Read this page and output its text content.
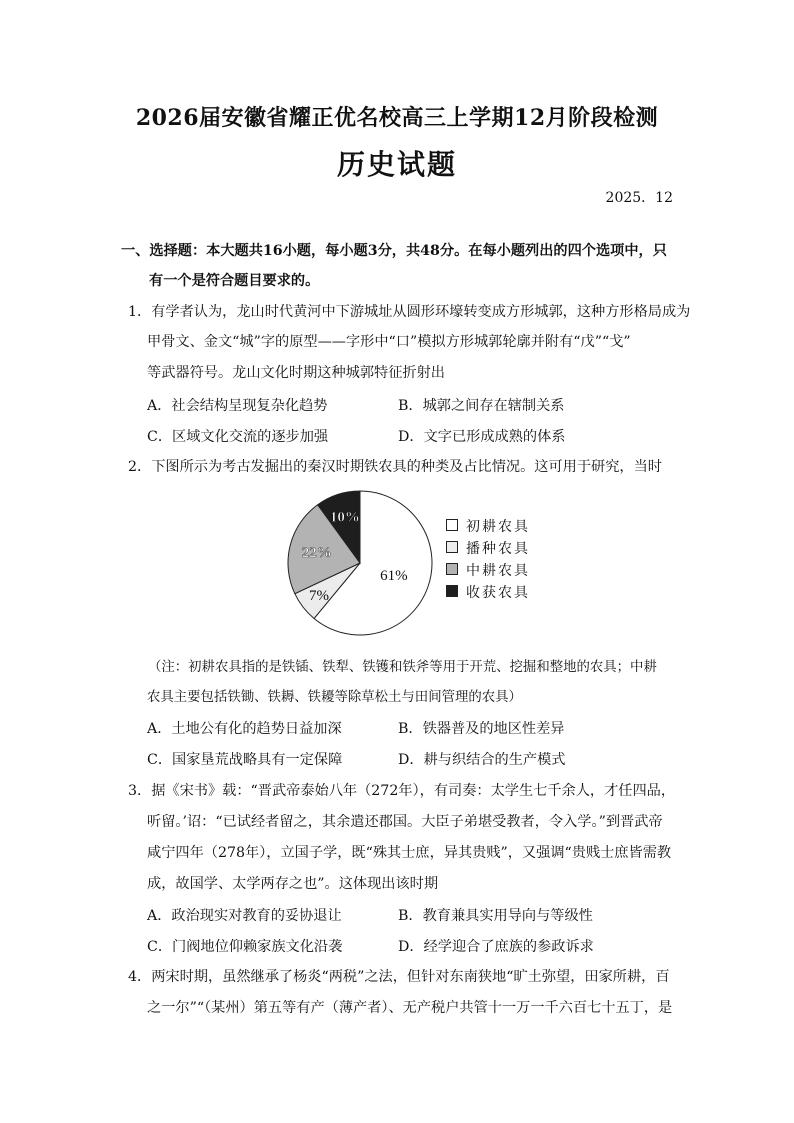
2026届安徽省耀正优名校高三上学期12月阶段检测
历史试题
2025．12
一、选择题：本大题共16小题，每小题3分，共48分。在每小题列出的四个选项中，只
有一个是符合题目要求的。
1．有学者认为，龙山时代黄河中下游城址从圆形环壕转变成方形城郭，这种方形格局成为
甲骨文、金文“城”字的原型——字形中“口”模拟方形城郭轮廓并附有“戊”“戈”
等武器符号。龙山文化时期这种城郭特征折射出
A．社会结构呈现复杂化趋势	B．城郭之间存在辖制关系
C．区域文化交流的逐步加强	D．文字已形成成熟的体系
2．下图所示为考古发掘出的秦汉时期铁农具的种类及占比情况。这可用于研究，当时
61%
7%
22%
10%
初耕农具
播种农具
中耕农具
收获农具
（注：初耕农具指的是铁锸、铁犁、铁镬和铁斧等用于开荒、挖掘和整地的农具；中耕
农具主要包括铁锄、铁耨、铁耰等除草松土与田间管理的农具）
A．土地公有化的趋势日益加深	B．铁器普及的地区性差异
C．国家垦荒战略具有一定保障	D．耕与织结合的生产模式
3．据《宋书》载：“晋武帝泰始八年（272年），有司奏：太学生七千余人，才任四品，
听留。’诏：“已试经者留之，其余遣还郡国。大臣子弟堪受教者，令入学。”到晋武帝
咸宁四年（278年），立国子学，既“殊其士庶，异其贵贱”，又强调“贵贱士庶皆需教
成，故国学、太学两存之也”。这体现出该时期
A．政治现实对教育的妥协退让	B．教育兼具实用导向与等级性
C．门阀地位仰赖家族文化沿袭	D．经学迎合了庶族的参政诉求
4．两宋时期，虽然继承了杨炎“两税”之法，但针对东南狭地“旷土弥望，田家所耕，百
之一尔”“（某州）第五等有产（薄产者）、无产税户共管十一万一千六百七十五丁，是
